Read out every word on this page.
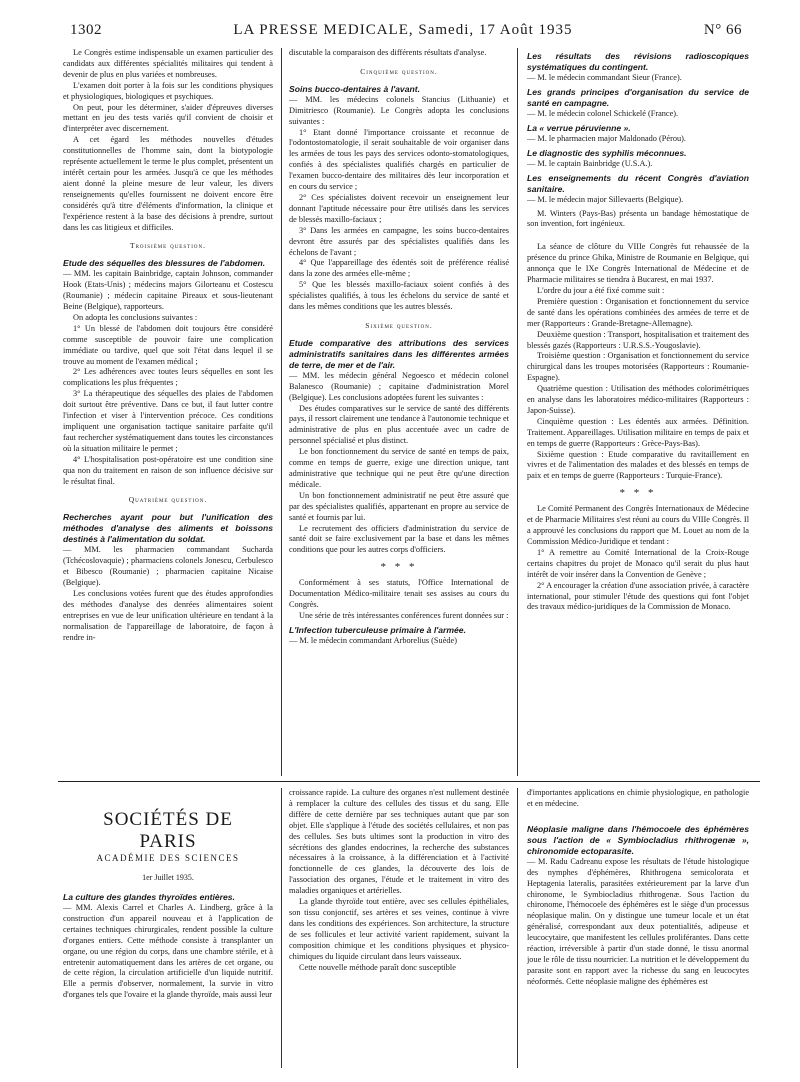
1302	LA PRESSE MEDICALE, Samedi, 17 Août 1935	N° 66

Le Congrès estime indispensable un examen particulier des candidats aux différentes spécialités militaires qui tendent à devenir de plus en plus variées et nombreuses.

L'examen doit porter à la fois sur les conditions physiques et physiologiques, biologiques et psychiques.

On peut, pour les déterminer, s'aider d'épreuves diverses mettant en jeu des tests variés qu'il convient de choisir et d'interpréter avec discernement.

A cet égard les méthodes nouvelles d'études constitutionnelles de l'homme sain, dont la biotypologie représente actuellement le terme le plus complet, présentent un intérêt certain pour les armées. Jusqu'à ce que les méthodes aient donné la pleine mesure de leur valeur, les divers renseignements qu'elles fournissent ne doivent encore être considérés qu'à titre d'éléments d'information, la clinique et l'expérience restent à la base des décisions à prendre, surtout dans les cas litigieux et difficiles.

Troisième question.
Etude des séquelles des blessures de l'abdomen.

— MM. les capitain Bainbridge, captain Johnson, commander Hook (Etats-Unis) ; médecins majors Gilorteanu et Costescu (Roumanie) ; médecin capitaine Pireaux et sous-lieutenant Beine (Belgique), rapporteurs.

On adopta les conclusions suivantes :

1° Un blessé de l'abdomen doit toujours être considéré comme susceptible de pouvoir faire une complication immédiate ou tardive, quel que soit l'état dans lequel il se trouve au moment de l'examen médical ;

2° Les adhérences avec toutes leurs séquelles en sont les complications les plus fréquentes ;

3° La thérapeutique des séquelles des plaies de l'abdomen doit surtout être préventive. Dans ce but, il faut lutter contre l'infection et viser à l'intervention précoce. Ces conditions impliquent une organisation tactique sanitaire parfaite qu'il faut rechercher systématiquement dans toutes les circonstances où la situation militaire le permet ;

4° L'hospitalisation post-opératoire est une condition sine qua non du traitement en raison de son influence décisive sur le résultat final.

Quatrième question.
Recherches ayant pour but l'unification des méthodes d'analyse des aliments et boissons destinés à l'alimentation du soldat.

— MM. les pharmacien commandant Sucharda (Tchécoslovaquie) ; pharmaciens colonels Jonescu, Cerbulesco et Bibesco (Roumanie) ; pharmacien capitaine Nicaise (Belgique).

Les conclusions votées furent que des études approfondies des méthodes d'analyse des denrées alimentaires soient entreprises en vue de leur unification ultérieure en tendant à la normalisation de l'appareillage de laboratoire, de façon à rendre in-

discutable la comparaison des différents résultats d'analyse.

Cinquième question.
Soins bucco-dentaires à l'avant.

— MM. les médecins colonels Stancius (Lithuanie) et Dimitriesco (Roumanie). Le Congrès adopta les conclusions suivantes :

1° Etant donné l'importance croissante et reconnue de l'odontostomatologie, il serait souhaitable de voir organiser dans les armées de tous les pays des services odonto-stomatologiques, confiés à des spécialistes qualifiés chargés en particulier de l'examen bucco-dentaire des militaires dès leur incorporation et en cours du service ;

2° Ces spécialistes doivent recevoir un enseignement leur donnant l'aptitude nécessaire pour être utilisés dans les services de blessés maxillo-faciaux ;

3° Dans les armées en campagne, les soins bucco-dentaires devront être assurés par des spécialistes qualifiés dans les échelons de l'avant ;

4° Que l'appareillage des édentés soit de préférence réalisé dans la zone des armées elle-même ;

5° Que les blessés maxillo-faciaux soient confiés à des spécialistes qualifiés, à tous les échelons du service de santé et dans les mêmes conditions que les autres blessés.

Sixième question.
Etude comparative des attributions des services administratifs sanitaires dans les différentes armées de terre, de mer et de l'air.

— MM. les médecin général Negoesco et médecin colonel Balanesco (Roumanie) ; capitaine d'administration Morel (Belgique). Les conclusions adoptées furent les suivantes :

Des études comparatives sur le service de santé des différents pays, il ressort clairement une tendance à l'autonomie technique et administrative de plus en plus accentuée avec un cadre de personnel spécialisé et plus distinct.

Le bon fonctionnement du service de santé en temps de paix, comme en temps de guerre, exige une direction unique, tant administrative que technique qui ne peut être qu'une direction médicale.

Un bon fonctionnement administratif ne peut être assuré que par des spécialistes qualifiés, appartenant en propre au service de santé et fournis par lui.

Le recrutement des officiers d'administration du service de santé doit se faire exclusivement par la base et dans les mêmes conditions que pour les autres corps d'officiers.

* * *

Conformément à ses statuts, l'Office International de Documentation Médico-militaire tenait ses assises au cours du Congrès.

Une série de très intéressantes conférences furent données sur :

L'Infection tuberculeuse primaire à l'armée.

— M. le médecin commandant Arborelius (Suède)

Les résultats des révisions radioscopiques systématiques du contingent.

— M. le médecin commandant Sieur (France).

Les grands principes d'organisation du service de santé en campagne.

— M. le médecin colonel Schickelé (France).

La « verrue péruvienne ».

— M. le pharmacien major Maldonado (Pérou).

Le diagnostic des syphilis méconnues.

— M. le captain Bainbridge (U.S.A.).

Les enseignements du récent Congrès d'aviation sanitaire.

— M. le médecin major Sillevaerts (Belgique).

M. Winters (Pays-Bas) présenta un bandage hémostatique de son invention, fort ingénieux.

La séance de clôture du VIIIe Congrès fut rehaussée de la présence du prince Ghika, Ministre de Roumanie en Belgique, qui annonça que le IXe Congrès International de Médecine et de Pharmacie militaires se tiendra à Bucarest, en mai 1937.

L'ordre du jour a été fixé comme suit :

Première question : Organisation et fonctionnement du service de santé dans les opérations combinées des armées de terre et de mer (Rapporteurs : Grande-Bretagne-Allemagne).

Deuxième question : Transport, hospitalisation et traitement des blessés gazés (Rapporteurs : U.R.S.S.-Yougoslavie).

Troisième question : Organisation et fonctionnement du service chirurgical dans les troupes motorisées (Rapporteurs : Roumanie-Espagne).

Quatrième question : Utilisation des méthodes colorimétriques en analyse dans les laboratoires médico-militaires (Rapporteurs : Japon-Suisse).

Cinquième question : Les édentés aux armées. Définition. Traitement. Appareillages. Utilisation militaire en temps de paix et en temps de guerre (Rapporteurs : Grèce-Pays-Bas).

Sixième question : Etude comparative du ravitaillement en vivres et de l'alimentation des malades et des blessés en temps de paix et en temps de guerre (Rapporteurs : Turquie-France).

* * *

Le Comité Permanent des Congrès Internationaux de Médecine et de Pharmacie Militaires s'est réuni au cours du VIIIe Congrès. Il a approuvé les conclusions du rapport que M. Louet au nom de la Commission Médico-Juridique et tendant :

1° A remettre au Comité International de la Croix-Rouge certains chapitres du projet de Monaco qu'il serait du plus haut intérêt de voir insérer dans la Convention de Genève ;

2° A encourager la création d'une association privée, à caractère international, pour stimuler l'étude des questions qui font l'objet des travaux médico-juridiques de la Commission de Monaco.

SOCIÉTÉS DE PARIS
ACADÉMIE DES SCIENCES
1er Juillet 1935.
La culture des glandes thyroïdes entières.

— MM. Alexis Carrel et Charles A. Lindberg, grâce à la construction d'un appareil nouveau et à l'application de certaines techniques chirurgicales, rendent possible la culture d'organes entiers. Cette méthode consiste à transplanter un organe, ou une région du corps, dans une chambre stérile, et à entretenir automatiquement dans les artères de cet organe, ou de cette région, la circulation artificielle d'un liquide nutritif. Elle a permis d'observer, normalement, la survie in vitro d'organes tels que l'ovaire et la glande thyroïde, mais aussi leur

croissance rapide. La culture des organes n'est nullement destinée à remplacer la culture des cellules des tissus et du sang. Elle diffère de cette dernière par ses techniques autant que par son objet. Elle s'applique à l'étude des sociétés cellulaires, et non pas des cellules. Ses buts ultimes sont la production in vitro des sécrétions des glandes endocrines, la recherche des substances nécessaires à la croissance, à la différenciation et à l'activité fonctionnelle de ces glandes, la découverte des lois de l'association des organes, l'étude et le traitement in vitro des maladies organiques et artérielles.

La glande thyroïde tout entière, avec ses cellules épithéliales, son tissu conjonctif, ses artères et ses veines, continue à vivre dans les conditions des expériences. Son architecture, la structure de ses follicules et leur activité varient rapidement, suivant la composition chimique et les conditions physiques et physico-chimiques du liquide circulant dans leurs vaisseaux.

Cette nouvelle méthode paraît donc susceptible

d'importantes applications en chimie physiologique, en pathologie et en médecine.

Néoplasie maligne dans l'hémocoele des éphémères sous l'action de « Symbiocladius rhithrogenæ », chironomide ectoparasite.

— M. Radu Cadreanu expose les résultats de l'étude histologique des nymphes d'éphémères, Rhithrogena semicolorata et Heptagenia lateralis, parasitées extérieurement par la larve d'un chironome, le Symbiocladius rhithrogenæ. Sous l'action du chironome, l'hémocoele des éphémères est le siège d'un processus néoplasique malin. On y distingue une tumeur locale et un état généralisé, correspondant aux deux potentialités, adipeuse et leucocytaire, que manifestent les cellules proliférantes. Dans cette réaction, irréversible à partir d'un stade donné, le tissu anormal joue le rôle de tissu nourricier. La nutrition et le développement du parasite sont en rapport avec la richesse du sang en leucocytes néoformés. Cette néoplasie maligne des éphémères est
